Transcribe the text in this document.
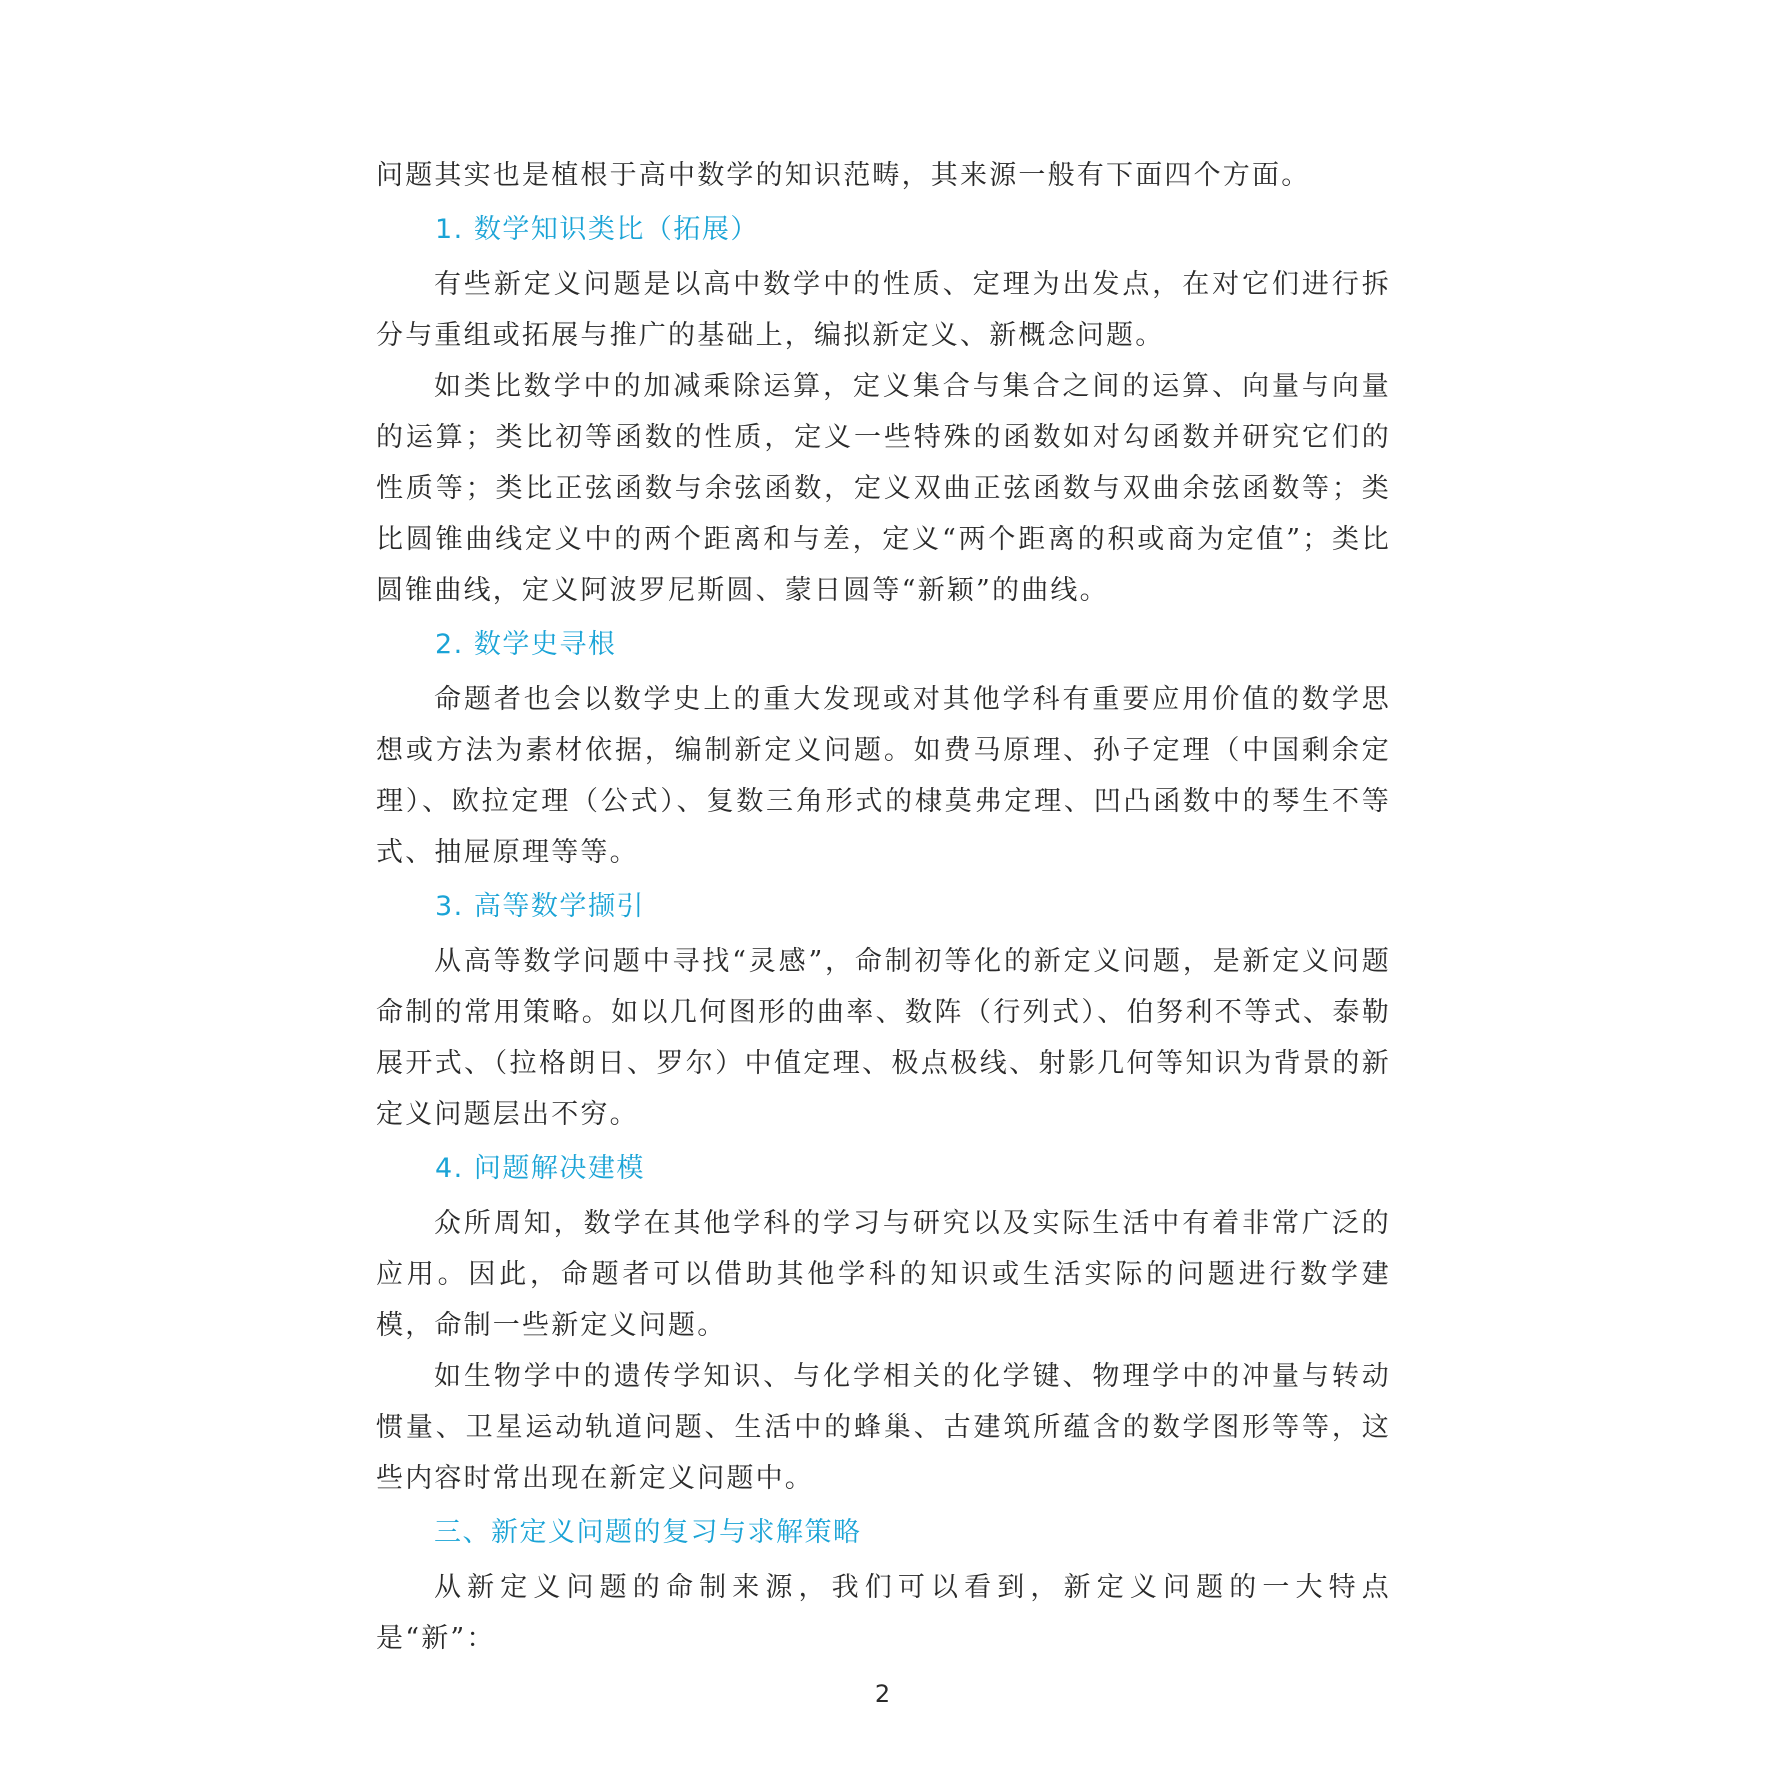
问题其实也是植根于高中数学的知识范畴，其来源一般有下面四个方面。

1. 数学知识类比（拓展）

有些新定义问题是以高中数学中的性质、定理为出发点，在对它们进行拆分与重组或拓展与推广的基础上，编拟新定义、新概念问题。

如类比数学中的加减乘除运算，定义集合与集合之间的运算、向量与向量的运算；类比初等函数的性质，定义一些特殊的函数如对勾函数并研究它们的性质等；类比正弦函数与余弦函数，定义双曲正弦函数与双曲余弦函数等；类比圆锥曲线定义中的两个距离和与差，定义“两个距离的积或商为定值”；类比圆锥曲线，定义阿波罗尼斯圆、蒙日圆等“新颖”的曲线。

2. 数学史寻根

命题者也会以数学史上的重大发现或对其他学科有重要应用价值的数学思想或方法为素材依据，编制新定义问题。如费马原理、孙子定理（中国剩余定理）、欧拉定理（公式）、复数三角形式的棣莫弗定理、凹凸函数中的琴生不等式、抽屉原理等等。

3. 高等数学撷引

从高等数学问题中寻找“灵感”，命制初等化的新定义问题，是新定义问题命制的常用策略。如以几何图形的曲率、数阵（行列式）、伯努利不等式、泰勒展开式、（拉格朗日、罗尔）中值定理、极点极线、射影几何等知识为背景的新定义问题层出不穷。

4. 问题解决建模

众所周知，数学在其他学科的学习与研究以及实际生活中有着非常广泛的应用。因此，命题者可以借助其他学科的知识或生活实际的问题进行数学建模，命制一些新定义问题。

如生物学中的遗传学知识、与化学相关的化学键、物理学中的冲量与转动惯量、卫星运动轨道问题、生活中的蜂巢、古建筑所蕴含的数学图形等等，这些内容时常出现在新定义问题中。

三、新定义问题的复习与求解策略

从新定义问题的命制来源，我们可以看到，新定义问题的一大特点是“新”：

2
